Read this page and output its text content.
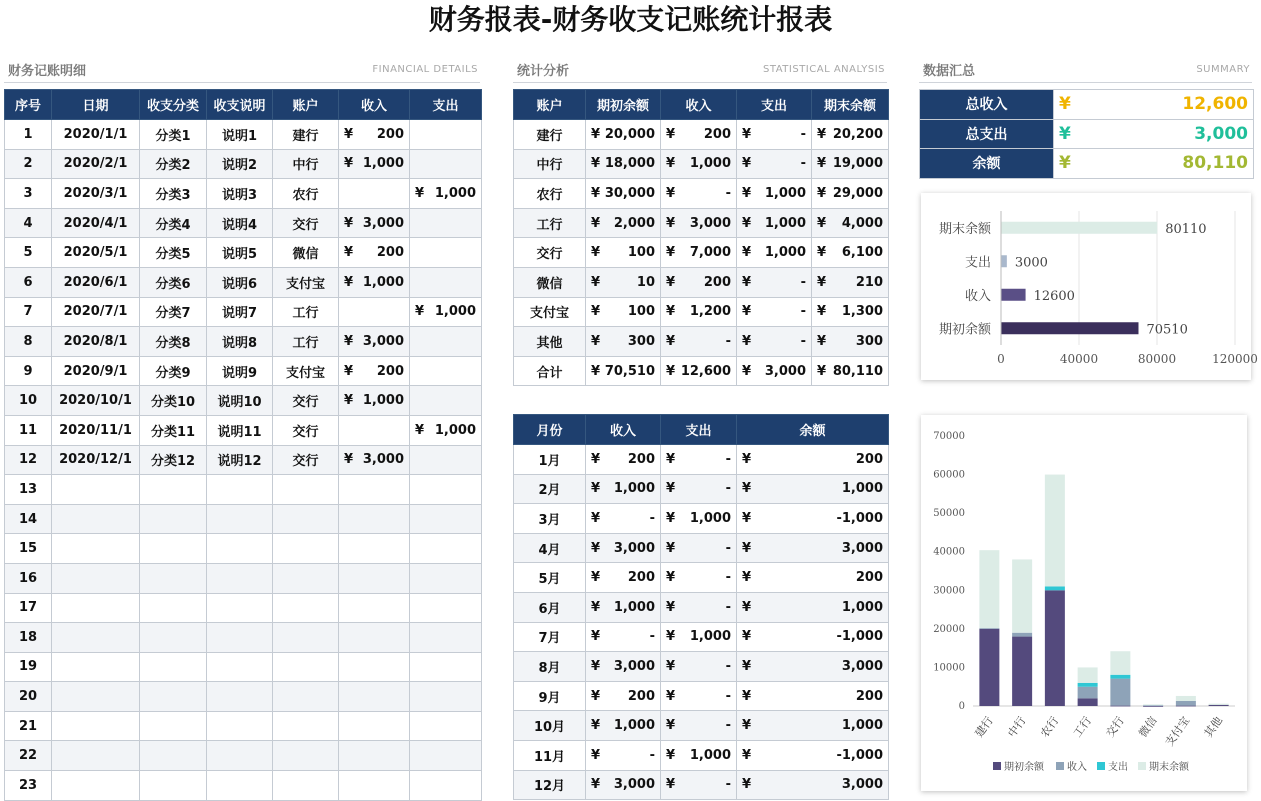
财务报表-财务收支记账统计报表
财务记账明细	FINANCIAL DETAILS	统计分析	STATISTICAL ANALYSIS	数据汇总	SUMMARY
序号	日期	收支分类	收支说明	账户	收入	支出
1	2020/1/1	分类1	说明1	建行	¥ 200	

2	2020/2/1	分类2	说明2	中行	¥ 1,000	

3	2020/3/1	分类3	说明3	农行		¥ 1,000

4	2020/4/1	分类4	说明4	交行	¥ 3,000	

5	2020/5/1	分类5	说明5	微信	¥ 200	

6	2020/6/1	分类6	说明6	支付宝	¥ 1,000	

7	2020/7/1	分类7	说明7	工行		¥ 1,000

8	2020/8/1	分类8	说明8	工行	¥ 3,000	

9	2020/9/1	分类9	说明9	支付宝	¥ 200	

10	2020/10/1	分类10	说明10	交行	¥ 1,000	

11	2020/11/1	分类11	说明11	交行		¥ 1,000

12	2020/12/1	分类12	说明12	交行	¥ 3,000	

13						
14						
15						
16						
17						
18						
19						
20						
21						
22						
23						
账户	期初余额	收入	支出	期末余额
建行	¥ 20,000	¥ 200	¥ -	¥ 20,200

中行	¥ 18,000	¥ 1,000	¥ -	¥ 19,000

农行	¥ 30,000	¥ -	¥ 1,000	¥ 29,000

工行	¥ 2,000	¥ 3,000	¥ 1,000	¥ 4,000

交行	¥ 100	¥ 7,000	¥ 1,000	¥ 6,100

微信	¥ 10	¥ 200	¥ -	¥ 210

支付宝	¥ 100	¥ 1,200	¥ -	¥ 1,300

其他	¥ 300	¥ -	¥ -	¥ 300

合计	¥ 70,510	¥ 12,600	¥ 3,000	¥ 80,110
月份	收入	支出	余额
1月	¥ 200	¥ -	¥ 200

2月	¥ 1,000	¥ -	¥ 1,000

3月	¥ -	¥ 1,000	¥ -1,000

4月	¥ 3,000	¥ -	¥ 3,000

5月	¥ 200	¥ -	¥ 200

6月	¥ 1,000	¥ -	¥ 1,000

7月	¥ -	¥ 1,000	¥ -1,000

8月	¥ 3,000	¥ -	¥ 3,000

9月	¥ 200	¥ -	¥ 200

10月	¥ 1,000	¥ -	¥ 1,000

11月	¥ -	¥ 1,000	¥ -1,000

12月	¥ 3,000	¥ -	¥ 3,000
总收入	¥ 12,600

总支出	¥ 3,000

余额	¥ 80,110
0	40000	80000	120000
期末余额	80110
支出 3000
收入	12600
期初余额	70510
0
10000
20000
30000
40000
50000
60000
70000
建行 中行 农行 工行 交行 微信 支付宝 其他
期初余额 收入 支出 期末余额
